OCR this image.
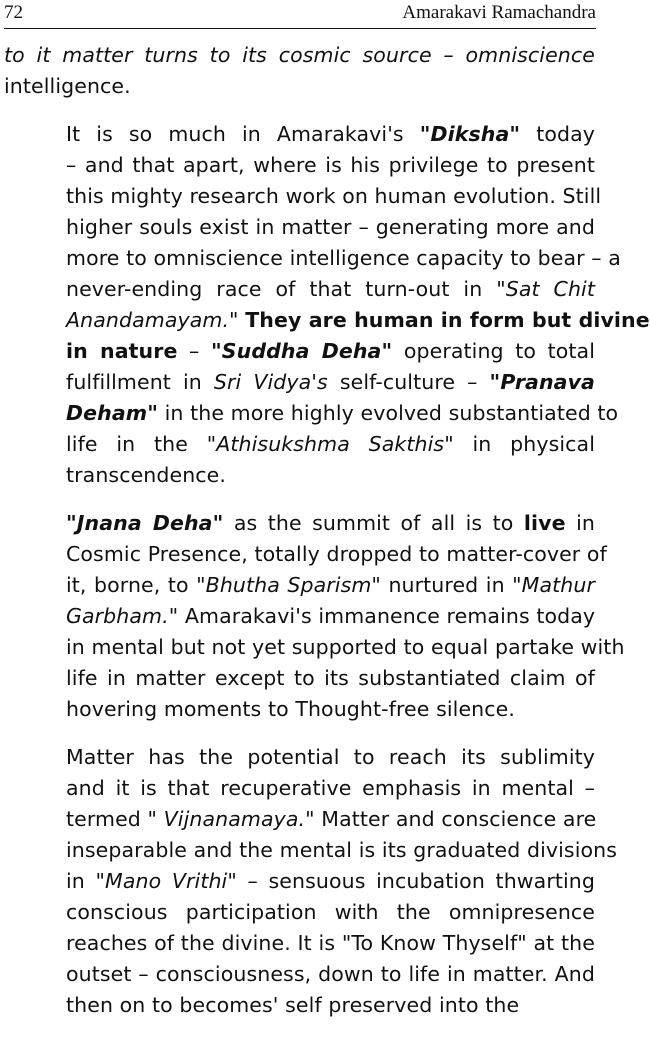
72	Amarakavi Ramachandra

to it matter turns to its cosmic source – omniscience
intelligence.

It is so much in Amarakavi's "Diksha" today
– and that apart, where is his privilege to present
this mighty research work on human evolution. Still
higher souls exist in matter – generating more and
more to omniscience intelligence capacity to bear – a
never-ending race of that turn-out in "Sat Chit
Anandamayam." They are human in form but divine
in nature – "Suddha Deha" operating to total
fulfillment in Sri Vidya's self-culture – "Pranava
Deham" in the more highly evolved substantiated to
life in the "Athisukshma Sakthis" in physical
transcendence.

"Jnana Deha" as the summit of all is to live in
Cosmic Presence, totally dropped to matter-cover of
it, borne, to "Bhutha Sparism" nurtured in "Mathur
Garbham." Amarakavi's immanence remains today
in mental but not yet supported to equal partake with
life in matter except to its substantiated claim of
hovering moments to Thought-free silence.

Matter has the potential to reach its sublimity
and it is that recuperative emphasis in mental –
termed " Vijnanamaya." Matter and conscience are
inseparable and the mental is its graduated divisions
in "Mano Vrithi" – sensuous incubation thwarting
conscious participation with the omnipresence
reaches of the divine. It is "To Know Thyself" at the
outset – consciousness, down to life in matter. And
then on to becomes' self preserved into the
